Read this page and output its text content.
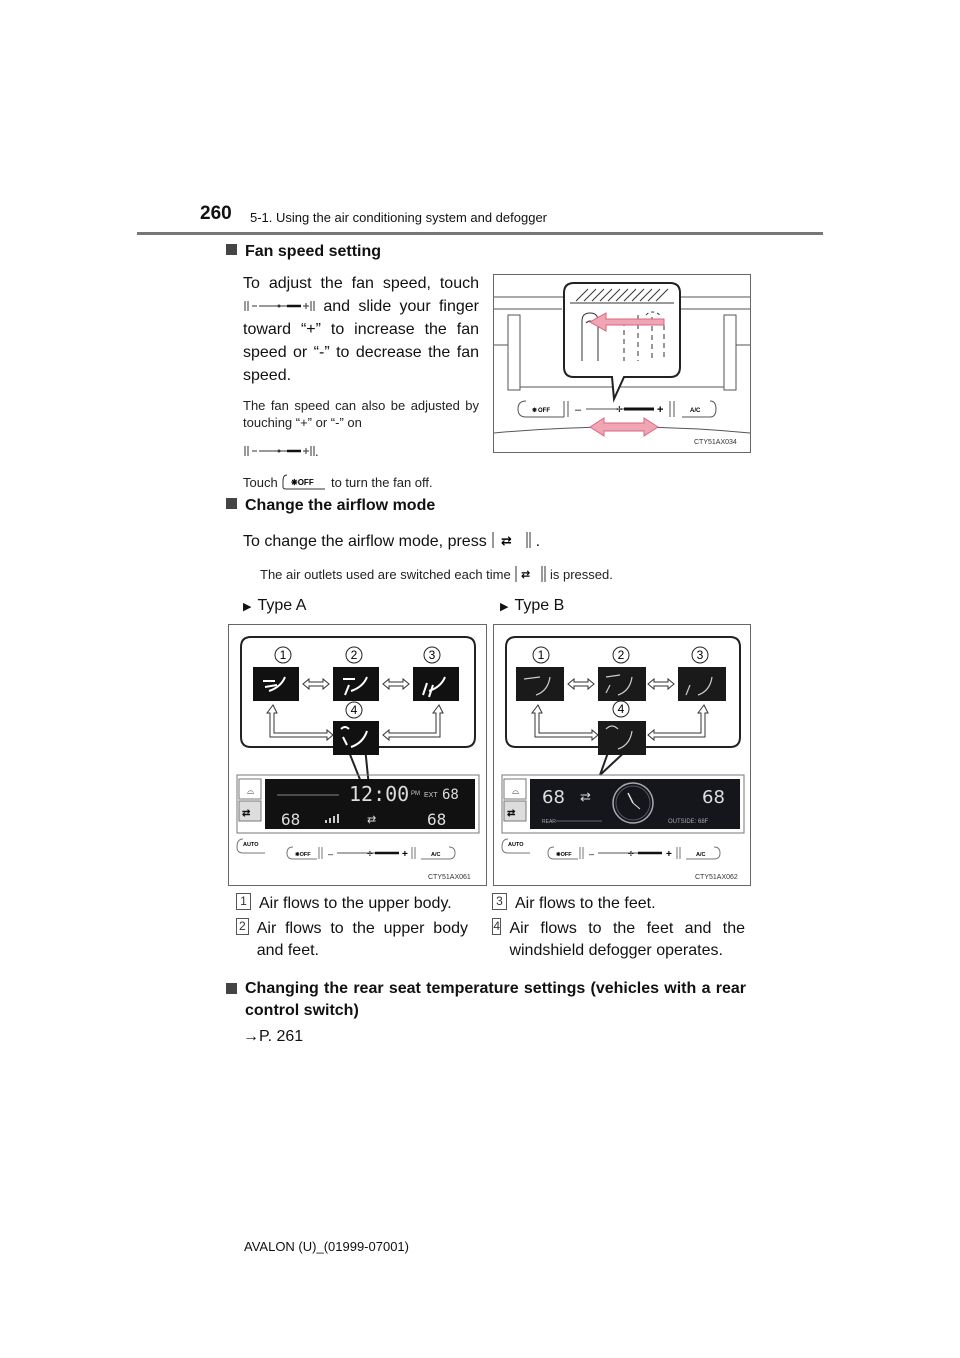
260 5-1. Using the air conditioning system and defogger
Fan speed setting
To adjust the fan speed, touch
and slide your finger toward “+” to increase the fan speed or “-” to decrease the fan speed.
The fan speed can also be adjusted by touching “+” or “-” on
.
Touch ❋OFF to turn the fan off.
❋ OFF –	✢	+	A/C
CTY51AX034
Change the airflow mode
To change the airflow mode, press ⇄ .
The air outlets used are switched each time ⇄ is pressed.
▶ Type A	▶ Type B
1	2	3
4
⌓
⇄
12:00 PM EXT 68
68	68
⇄
AUTO
❋OFF –	✢	+	A/C
CTY51AX061
1	2	3
4
⌓
⇄
68 ⇄	68
REAR	OUTSIDE: 68F
AUTO
❋OFF –	✢	+	A/C
CTY51AX062
1 Air flows to the upper body.
2 Air flows to the upper body and feet.
3 Air flows to the feet.
4 Air flows to the feet and the windshield defogger operates.
Changing the rear seat temperature settings (vehicles with a rear control switch)
→P. 261
AVALON (U)_(01999-07001)
